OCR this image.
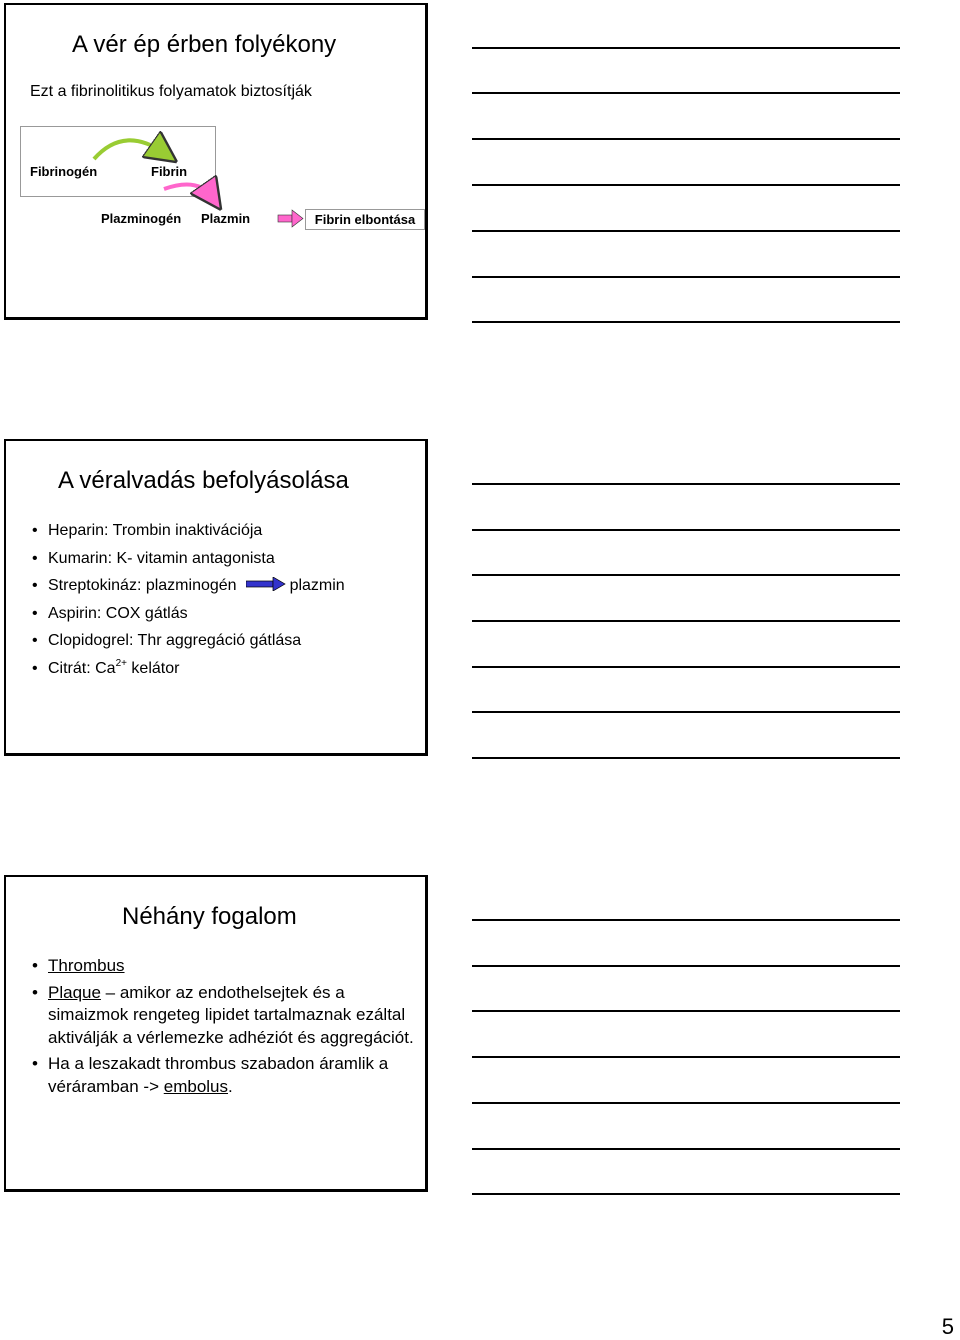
A vér ép érben folyékony
Ezt a fibrinolitikus folyamatok biztosítják
Fibrinogén	Fibrin
Plazminogén Plazmin	Fibrin elbontása
A véralvadás befolyásolása
• Heparin: Trombin inaktivációja
• Kumarin: K- vitamin antagonista
• Streptokináz: plazminogén	plazmin
• Aspirin: COX gátlás
• Clopidogrel: Thr aggregáció gátlása
• Citrát: $Ca^{2+}$ kelátor
Néhány fogalom
• Thrombus
• Plaque – amikor az endothelsejtek és a simaizmok rengeteg lipidet tartalmaznak ezáltal aktiválják a vérlemezke adhéziót és aggregációt.
• Ha a leszakadt thrombus szabadon áramlik a véráramban -> embolus.
5
